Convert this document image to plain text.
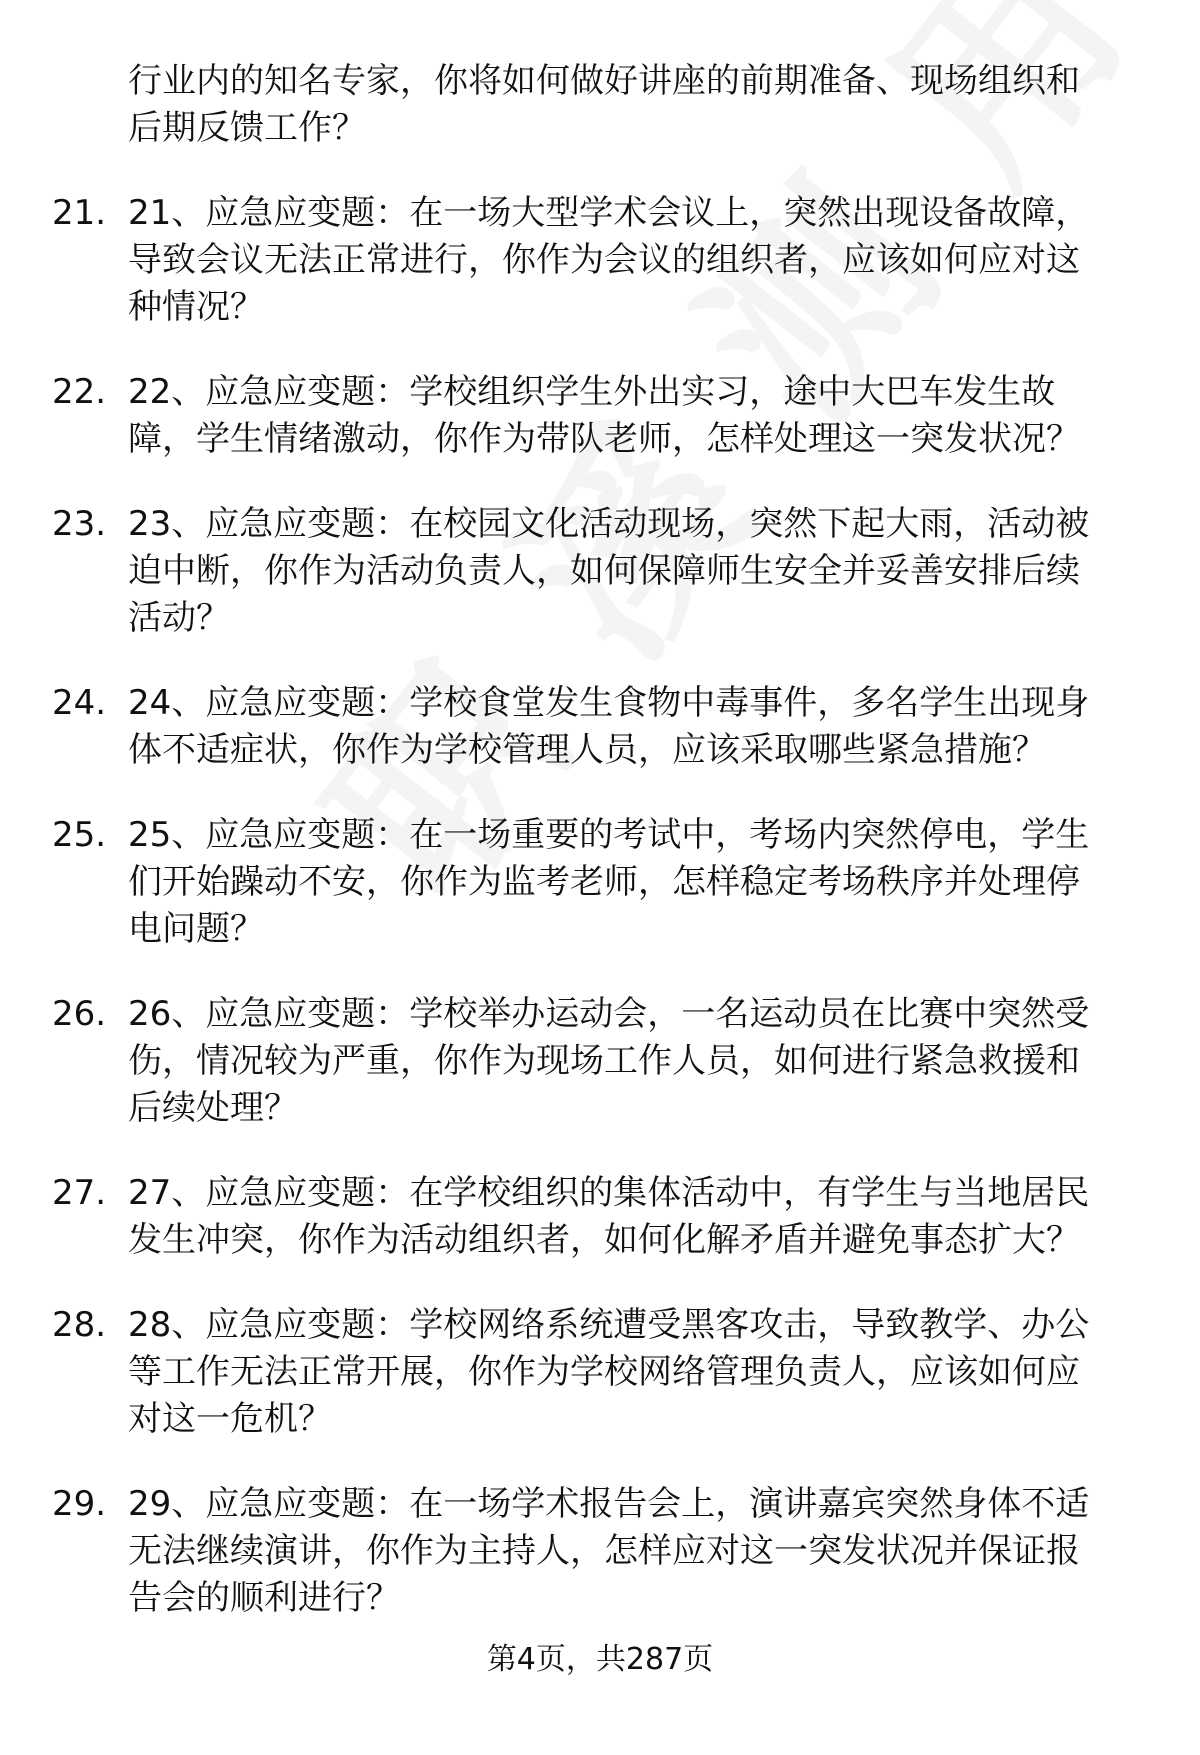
行业内的知名专家，你将如何做好讲座的前期准备、现场组织和
后期反馈工作？
21. 21、应急应变题：在一场大型学术会议上，突然出现设备故障，
导致会议无法正常进行，你作为会议的组织者，应该如何应对这
种情况？
22. 22、应急应变题：学校组织学生外出实习，途中大巴车发生故
障，学生情绪激动，你作为带队老师，怎样处理这一突发状况？
23. 23、应急应变题：在校园文化活动现场，突然下起大雨，活动被
迫中断，你作为活动负责人，如何保障师生安全并妥善安排后续
活动？
24. 24、应急应变题：学校食堂发生食物中毒事件，多名学生出现身
体不适症状，你作为学校管理人员，应该采取哪些紧急措施？
25. 25、应急应变题：在一场重要的考试中，考场内突然停电，学生
们开始躁动不安，你作为监考老师，怎样稳定考场秩序并处理停
电问题？
26. 26、应急应变题：学校举办运动会，一名运动员在比赛中突然受
伤，情况较为严重，你作为现场工作人员，如何进行紧急救援和
后续处理？
27. 27、应急应变题：在学校组织的集体活动中，有学生与当地居民
发生冲突，你作为活动组织者，如何化解矛盾并避免事态扩大？
28. 28、应急应变题：学校网络系统遭受黑客攻击，导致教学、办公
等工作无法正常开展，你作为学校网络管理负责人，应该如何应
对这一危机？
29. 29、应急应变题：在一场学术报告会上，演讲嘉宾突然身体不适
无法继续演讲，你作为主持人，怎样应对这一突发状况并保证报
告会的顺利进行？
第4页，共287页
